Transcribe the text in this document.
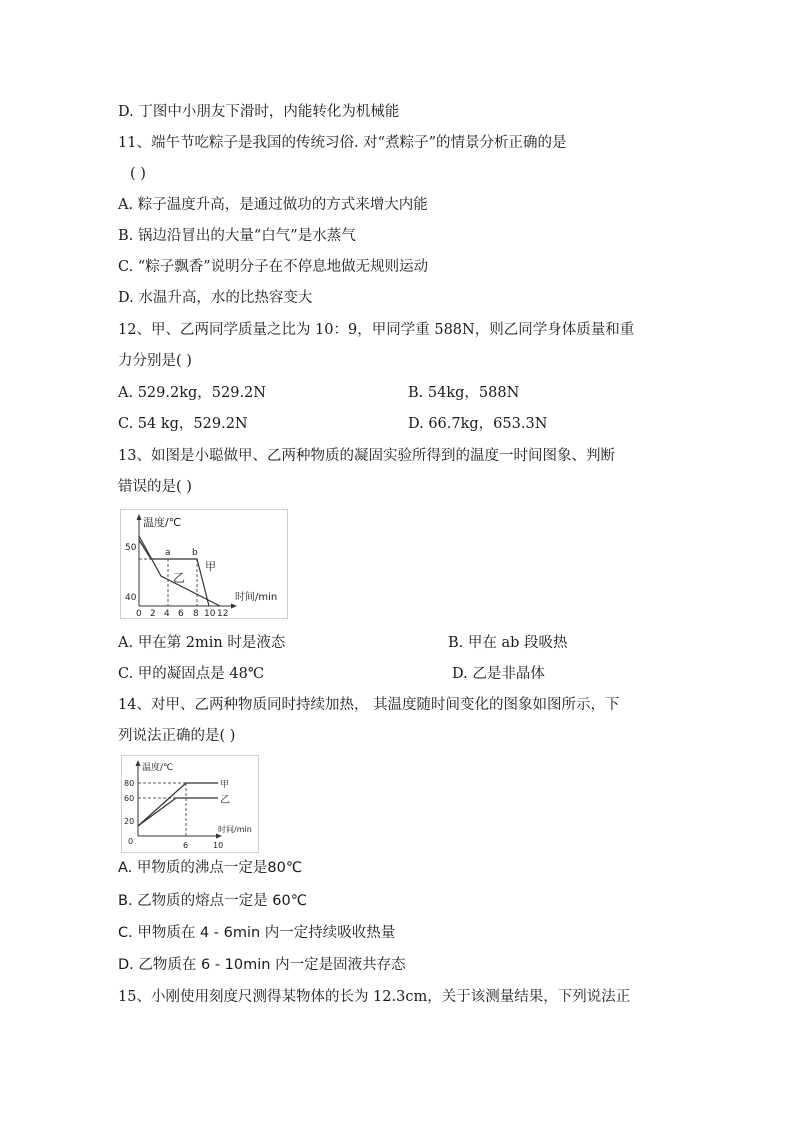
D. 丁图中小朋友下滑时，内能转化为机械能
11、端午节吃粽子是我国的传统习俗. 对“煮粽子”的情景分析正确的是
( )
A. 粽子温度升高，是通过做功的方式来增大内能
B. 锅边沿冒出的大量“白气”是水蒸气
C. “粽子飘香”说明分子在不停息地做无规则运动
D. 水温升高，水的比热容变大
12、甲、乙两同学质量之比为 10：9，甲同学重 588N，则乙同学身体质量和重
力分别是( )
A. 529.2kg，529.2N	B. 54kg，588N
C. 54 kg，529.2N	D. 66.7kg，653.3N
13、如图是小聪做甲、乙两种物质的凝固实验所得到的温度一时间图象、判断
错误的是( )
温度/℃
50
40
a b
甲
乙
时间/min
0 2 4 6 8 10 12
A. 甲在第 2min 时是液态	B. 甲在 ab 段吸热
C. 甲的凝固点是 48℃	D. 乙是非晶体
14、对甲、乙两种物质同时持续加热， 其温度随时间变化的图象如图所示，下
列说法正确的是( )
温度/℃
80
60
20
0
甲
乙
时间/min
6	10
A. 甲物质的沸点一定是80℃
B. 乙物质的熔点一定是 60℃
C. 甲物质在 4 - 6min 内一定持续吸收热量
D. 乙物质在 6 - 10min 内一定是固液共存态
15、小刚使用刻度尺测得某物体的长为 12.3cm，关于该测量结果，下列说法正
